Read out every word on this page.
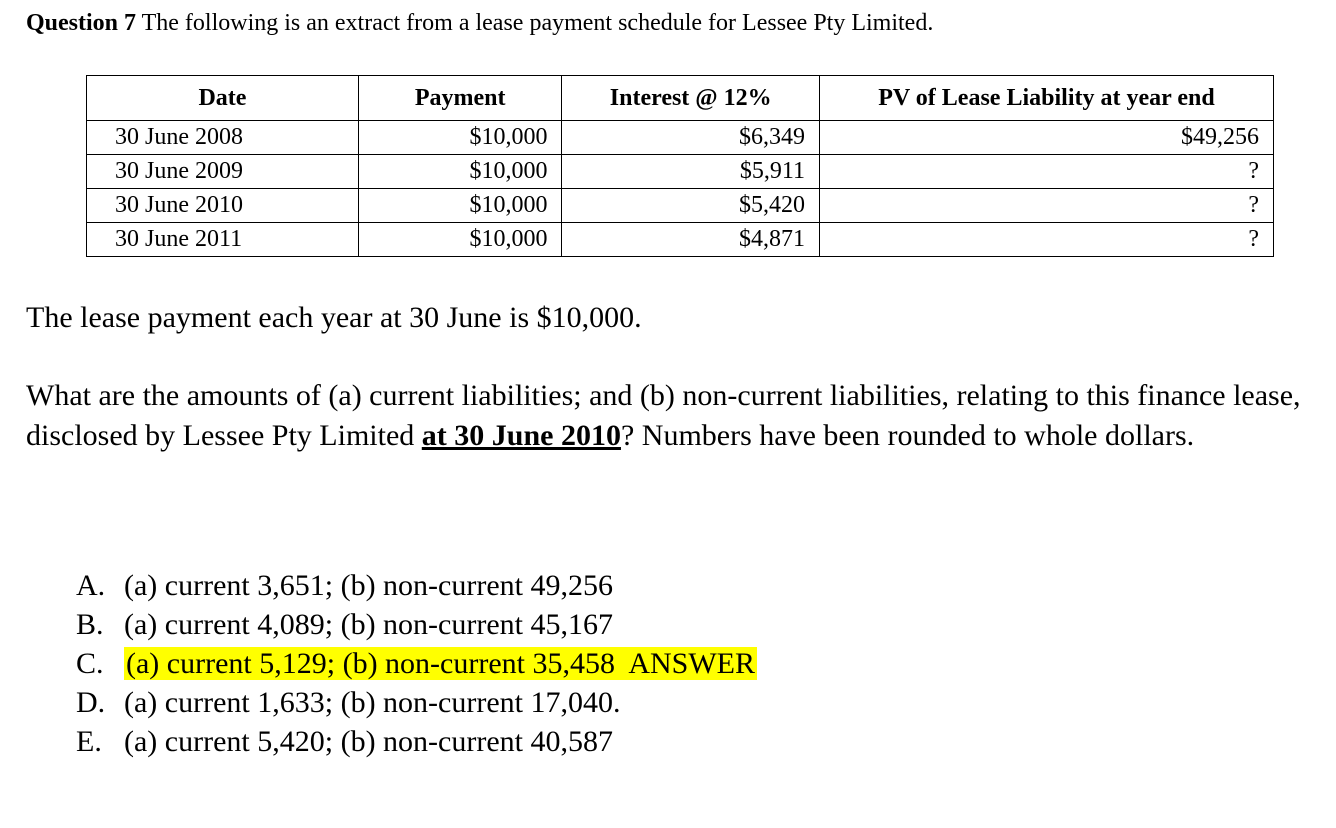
Question 7 The following is an extract from a lease payment schedule for Lessee Pty Limited.
Date	Payment	Interest @ 12%	PV of Lease Liability at year end
30 June 2008	$10,000	$6,349	$49,256
30 June 2009	$10,000	$5,911	?
30 June 2010	$10,000	$5,420	?
30 June 2011	$10,000	$4,871	?
The lease payment each year at 30 June is $10,000.
What are the amounts of (a) current liabilities; and (b) non-current liabilities, relating to this finance lease, disclosed by Lessee Pty Limited at 30 June 2010? Numbers have been rounded to whole dollars.
A. (a) current 3,651; (b) non-current 49,256
B. (a) current 4,089; (b) non-current 45,167
C. (a) current 5,129; (b) non-current 35,458  ANSWER
D. (a) current 1,633; (b) non-current 17,040.
E. (a) current 5,420; (b) non-current 40,587
